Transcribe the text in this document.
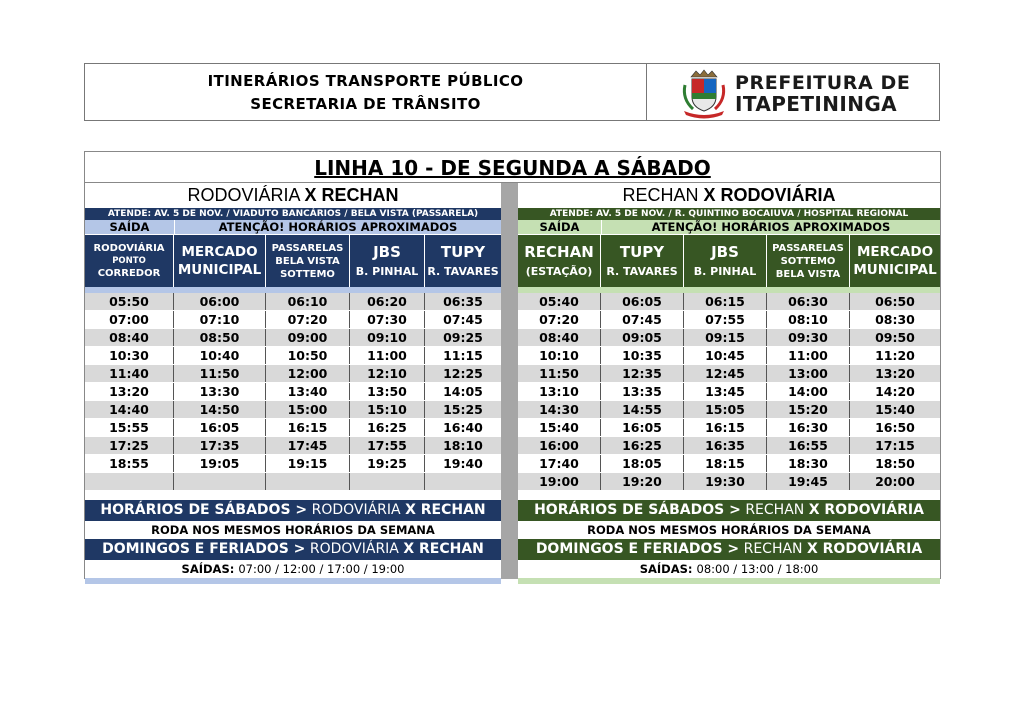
ITINERÁRIOS TRANSPORTE PÚBLICO
SECRETARIA DE TRÂNSITO
PREFEITURA DE
ITAPETININGA
LINHA 10 - DE SEGUNDA A SÁBADO
RODOVIÁRIA X RECHAN
ATENDE: AV. 5 DE NOV. / VIADUTO BANCÁRIOS / BELA VISTA (PASSARELA)
SAÍDA	ATENÇÃO! HORÁRIOS APROXIMADOS
RODOVIÁRIA
PONTO
CORREDOR
MERCADO
MUNICIPAL
PASSARELAS
BELA VISTA
SOTTEMO
JBS
B. PINHAL
TUPY
R. TAVARES
05:50	06:00	06:10	06:20	06:35
07:00	07:10	07:20	07:30	07:45
08:40	08:50	09:00	09:10	09:25
10:30	10:40	10:50	11:00	11:15
11:40	11:50	12:00	12:10	12:25
13:20	13:30	13:40	13:50	14:05
14:40	14:50	15:00	15:10	15:25
15:55	16:05	16:15	16:25	16:40
17:25	17:35	17:45	17:55	18:10
18:55	19:05	19:15	19:25	19:40
HORÁRIOS DE SÁBADOS > RODOVIÁRIA X RECHAN
RODA NOS MESMOS HORÁRIOS DA SEMANA
DOMINGOS E FERIADOS > RODOVIÁRIA X RECHAN
SAÍDAS: 07:00 / 12:00 / 17:00 / 19:00
RECHAN X RODOVIÁRIA
ATENDE: AV. 5 DE NOV. / R. QUINTINO BOCAIUVA / HOSPITAL REGIONAL
SAÍDA	ATENÇÃO! HORÁRIOS APROXIMADOS
RECHAN
(ESTAÇÃO)
TUPY
R. TAVARES
JBS
B. PINHAL
PASSARELAS
SOTTEMO
BELA VISTA
MERCADO
MUNICIPAL
05:40	06:05	06:15	06:30	06:50
07:20	07:45	07:55	08:10	08:30
08:40	09:05	09:15	09:30	09:50
10:10	10:35	10:45	11:00	11:20
11:50	12:35	12:45	13:00	13:20
13:10	13:35	13:45	14:00	14:20
14:30	14:55	15:05	15:20	15:40
15:40	16:05	16:15	16:30	16:50
16:00	16:25	16:35	16:55	17:15
17:40	18:05	18:15	18:30	18:50
19:00	19:20	19:30	19:45	20:00
HORÁRIOS DE SÁBADOS > RECHAN X RODOVIÁRIA
RODA NOS MESMOS HORÁRIOS DA SEMANA
DOMINGOS E FERIADOS > RECHAN X RODOVIÁRIA
SAÍDAS: 08:00 / 13:00 / 18:00
